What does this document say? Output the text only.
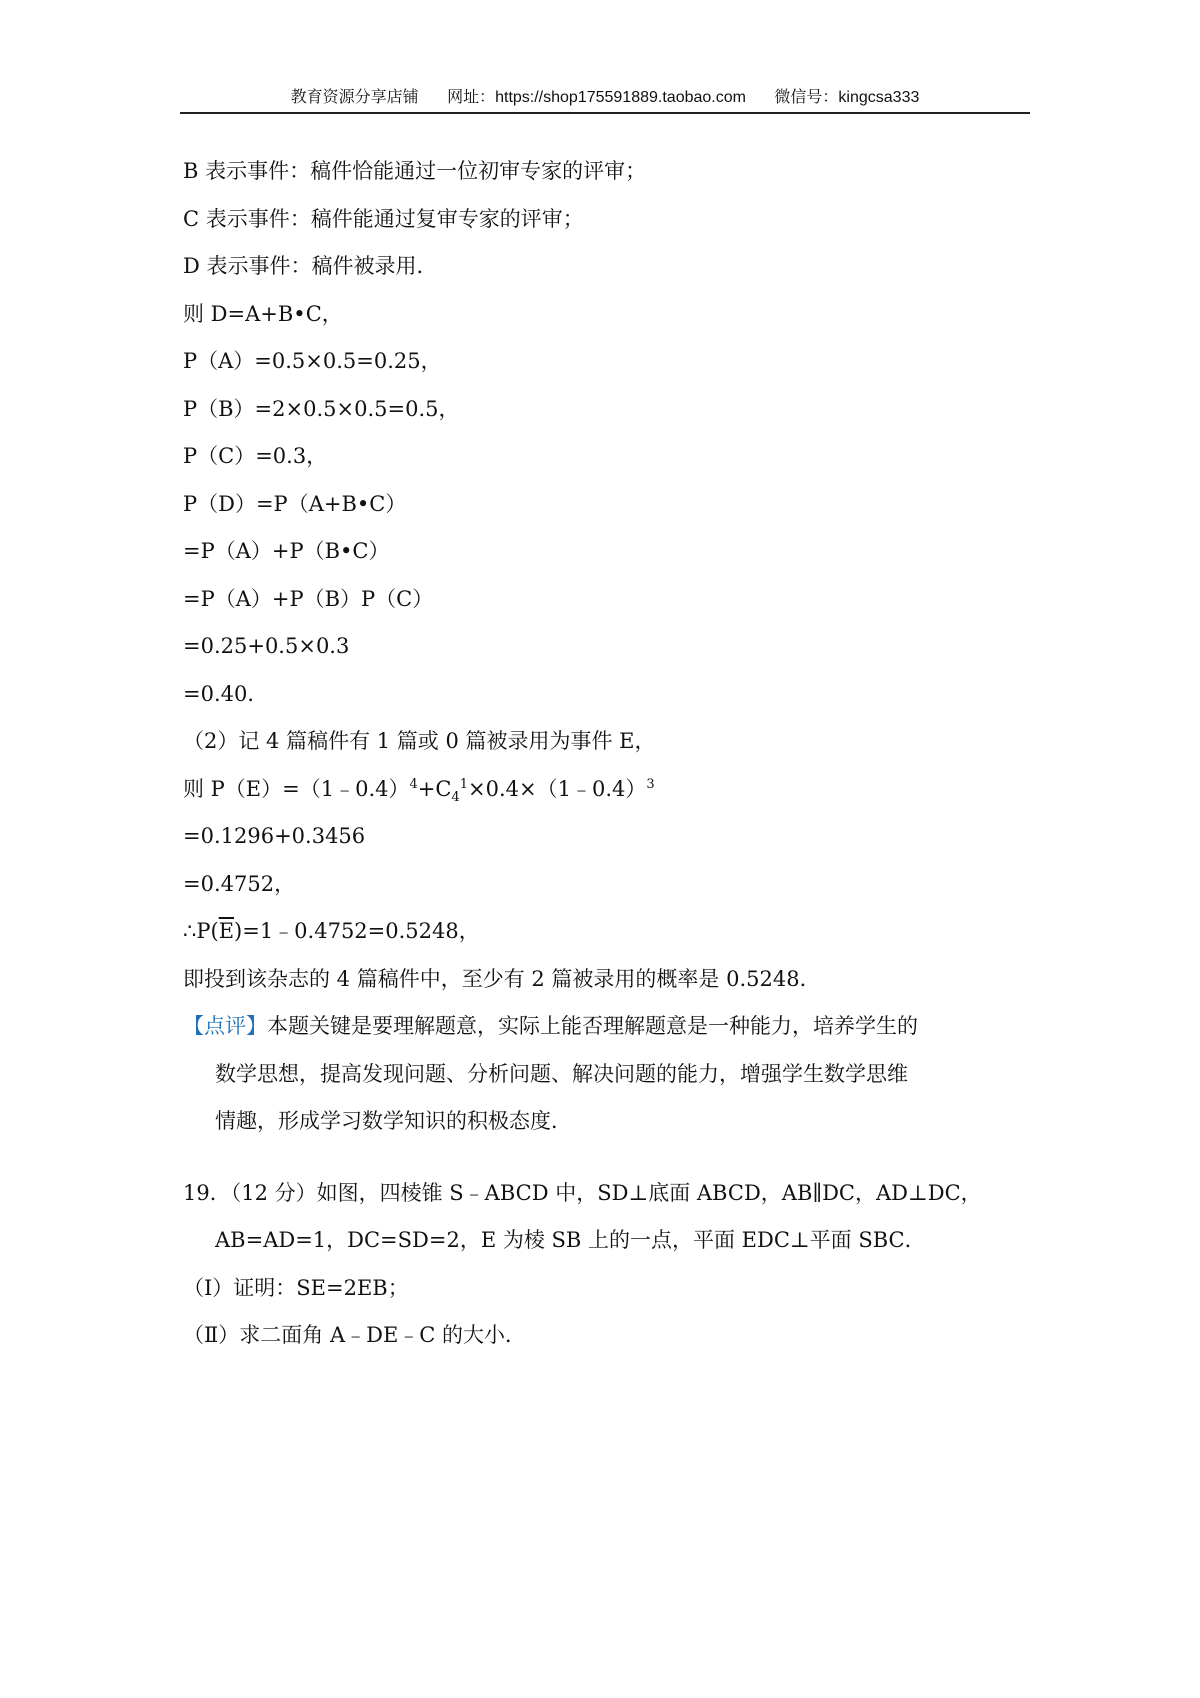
教育资源分享店铺 网址：https://shop175591889.taobao.com 微信号：kingcsa333
B 表示事件：稿件恰能通过一位初审专家的评审；
C 表示事件：稿件能通过复审专家的评审；
D 表示事件：稿件被录用．
则 D=A+B•C，
P（A）=0.5×0.5=0.25，
P（B）=2×0.5×0.5=0.5，
P（C）=0.3，
P（D）=P（A+B•C）
=P（A）+P（B•C）
=P（A）+P（B）P（C）
=0.25+0.5×0.3
=0.40．
（2）记 4 篇稿件有 1 篇或 0 篇被录用为事件 E，
则 $P(E)=(1﹣0.4)^4+C_4^1\times 0.4\times(1﹣0.4)^3$
=0.1296+0.3456
=0.4752，
$\therefore P(\overline{E})=1﹣0.4752=0.5248$，
即投到该杂志的 4 篇稿件中，至少有 2 篇被录用的概率是 0.5248．
【点评】本题关键是要理解题意，实际上能否理解题意是一种能力，培养学生的
数学思想，提高发现问题、分析问题、解决问题的能力，增强学生数学思维
情趣，形成学习数学知识的积极态度．
19．（12 分）如图，四棱锥 S﹣ABCD 中，SD⊥底面 ABCD，AB∥DC，AD⊥DC，
AB=AD=1，DC=SD=2，E 为棱 SB 上的一点，平面 EDC⊥平面 SBC．
（Ⅰ）证明：SE=2EB；
（Ⅱ）求二面角 A﹣DE﹣C 的大小．
